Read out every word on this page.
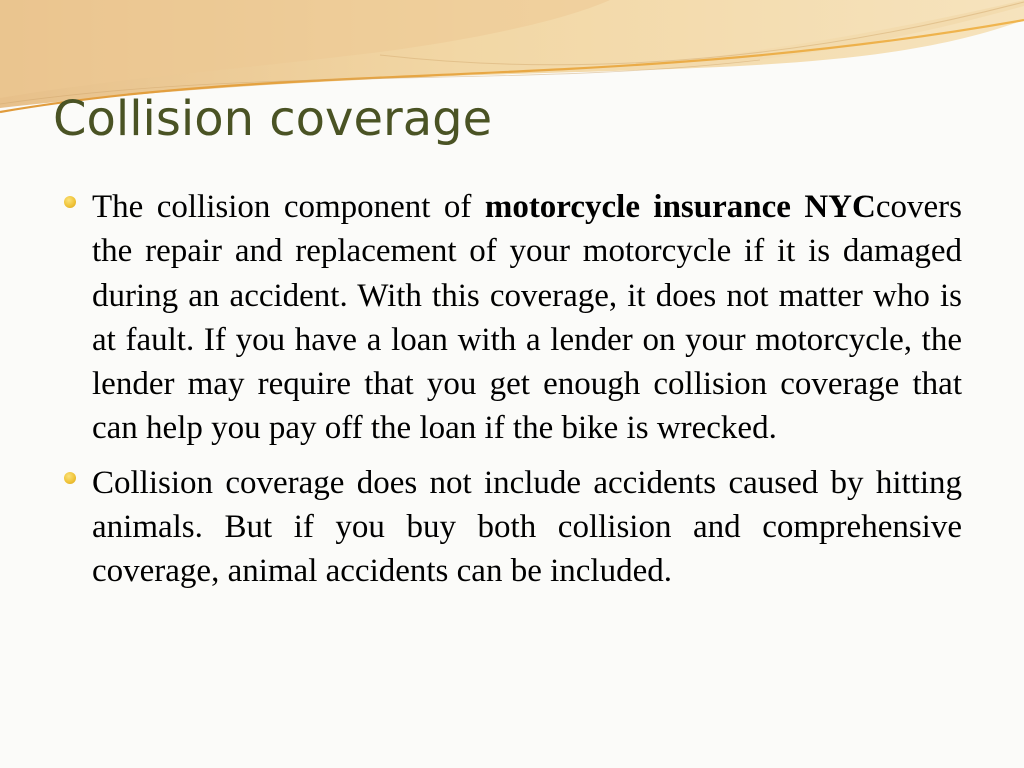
Collision coverage
The collision component of motorcycle insurance NYCcovers the repair and replacement of your motorcycle if it is damaged during an accident. With this coverage, it does not matter who is at fault. If you have a loan with a lender on your motorcycle, the lender may require that you get enough collision coverage that can help you pay off the loan if the bike is wrecked.
Collision coverage does not include accidents caused by hitting animals. But if you buy both collision and comprehensive coverage, animal accidents can be included.
